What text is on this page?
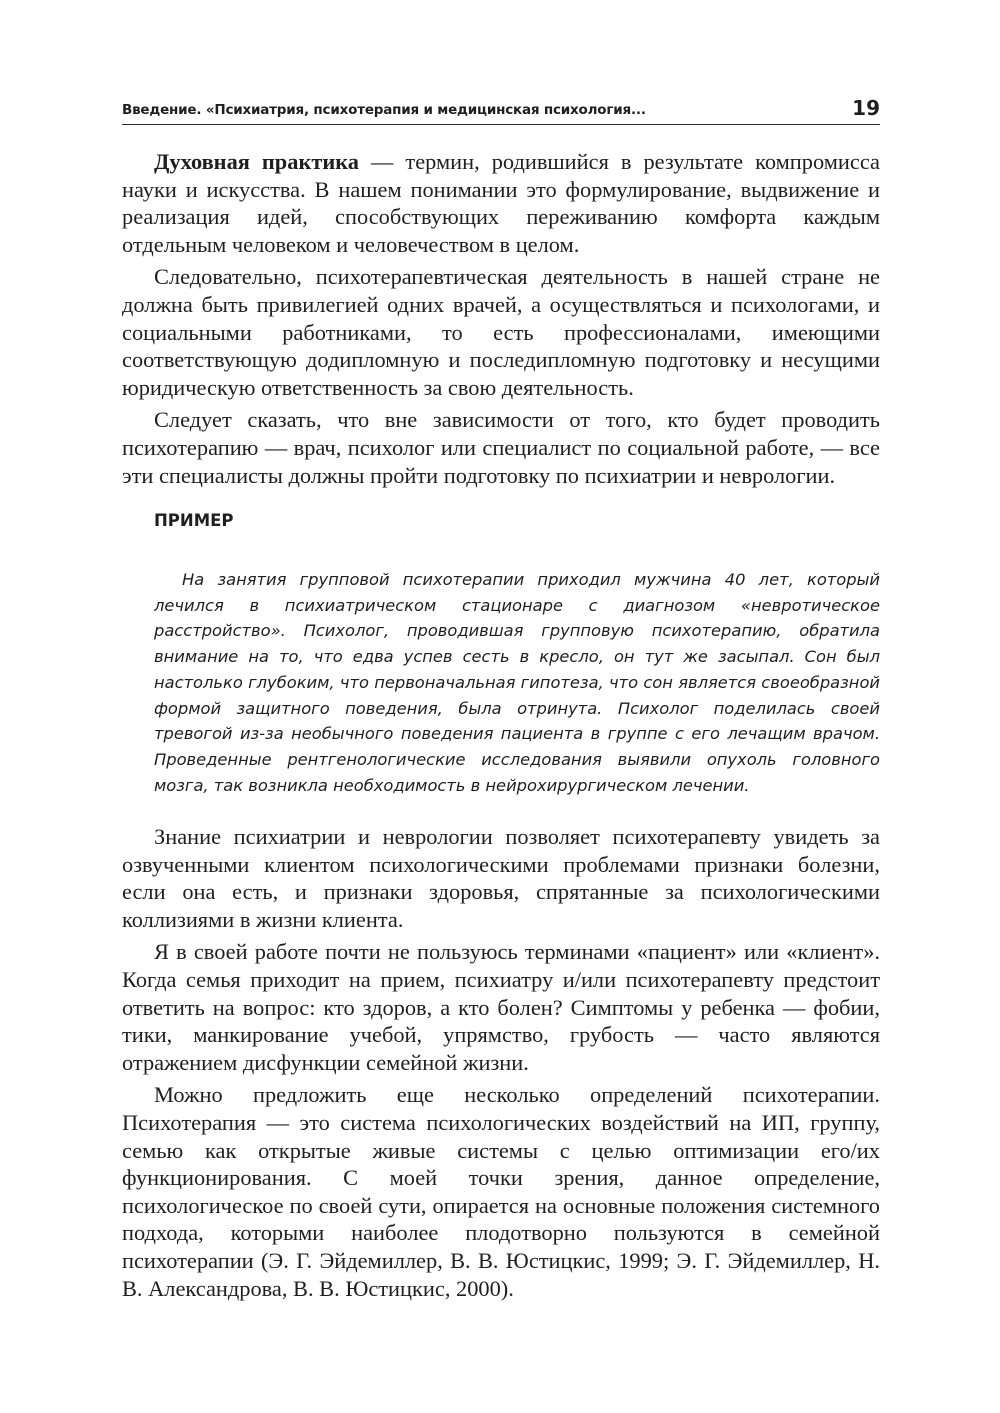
Введение. «Психиатрия, психотерапия и медицинская психология...	19

Духовная практика — термин, родившийся в результате компромисса науки и искусства. В нашем понимании это формулирование, выдвижение и реализация идей, способствующих переживанию комфорта каждым отдельным человеком и человечеством в целом.

Следовательно, психотерапевтическая деятельность в нашей стране не должна быть привилегией одних врачей, а осуществляться и психологами, и социальными работниками, то есть профессионалами, имеющими соответствующую додипломную и последипломную подготовку и несущими юридическую ответственность за свою деятельность.

Следует сказать, что вне зависимости от того, кто будет проводить психотерапию — врач, психолог или специалист по социальной работе, — все эти специалисты должны пройти подготовку по психиатрии и неврологии.

ПРИМЕР

На занятия групповой психотерапии приходил мужчина 40 лет, который лечился в психиатрическом стационаре с диагнозом «невротическое расстройство». Психолог, проводившая групповую психотерапию, обратила внимание на то, что едва успев сесть в кресло, он тут же засыпал. Сон был настолько глубоким, что первоначальная гипотеза, что сон является своеобразной формой защитного поведения, была отринута. Психолог поделилась своей тревогой из-за необычного поведения пациента в группе с его лечащим врачом. Проведенные рентгенологические исследования выявили опухоль головного мозга, так возникла необходимость в нейрохирургическом лечении.

Знание психиатрии и неврологии позволяет психотерапевту увидеть за озвученными клиентом психологическими проблемами признаки болезни, если она есть, и признаки здоровья, спрятанные за психологическими коллизиями в жизни клиента.

Я в своей работе почти не пользуюсь терминами «пациент» или «клиент». Когда семья приходит на прием, психиатру и/или психотерапевту предстоит ответить на вопрос: кто здоров, а кто болен? Симптомы у ребенка — фобии, тики, манкирование учебой, упрямство, грубость — часто являются отражением дисфункции семейной жизни.

Можно предложить еще несколько определений психотерапии. Психотерапия — это система психологических воздействий на ИП, группу, семью как открытые живые системы с целью оптимизации его/их функционирования. С моей точки зрения, данное определение, психологическое по своей сути, опирается на основные положения системного подхода, которыми наиболее плодотворно пользуются в семейной психотерапии (Э. Г. Эйдемиллер, В. В. Юстицкис, 1999; Э. Г. Эйдемиллер, Н. В. Александрова, В. В. Юстицкис, 2000).
